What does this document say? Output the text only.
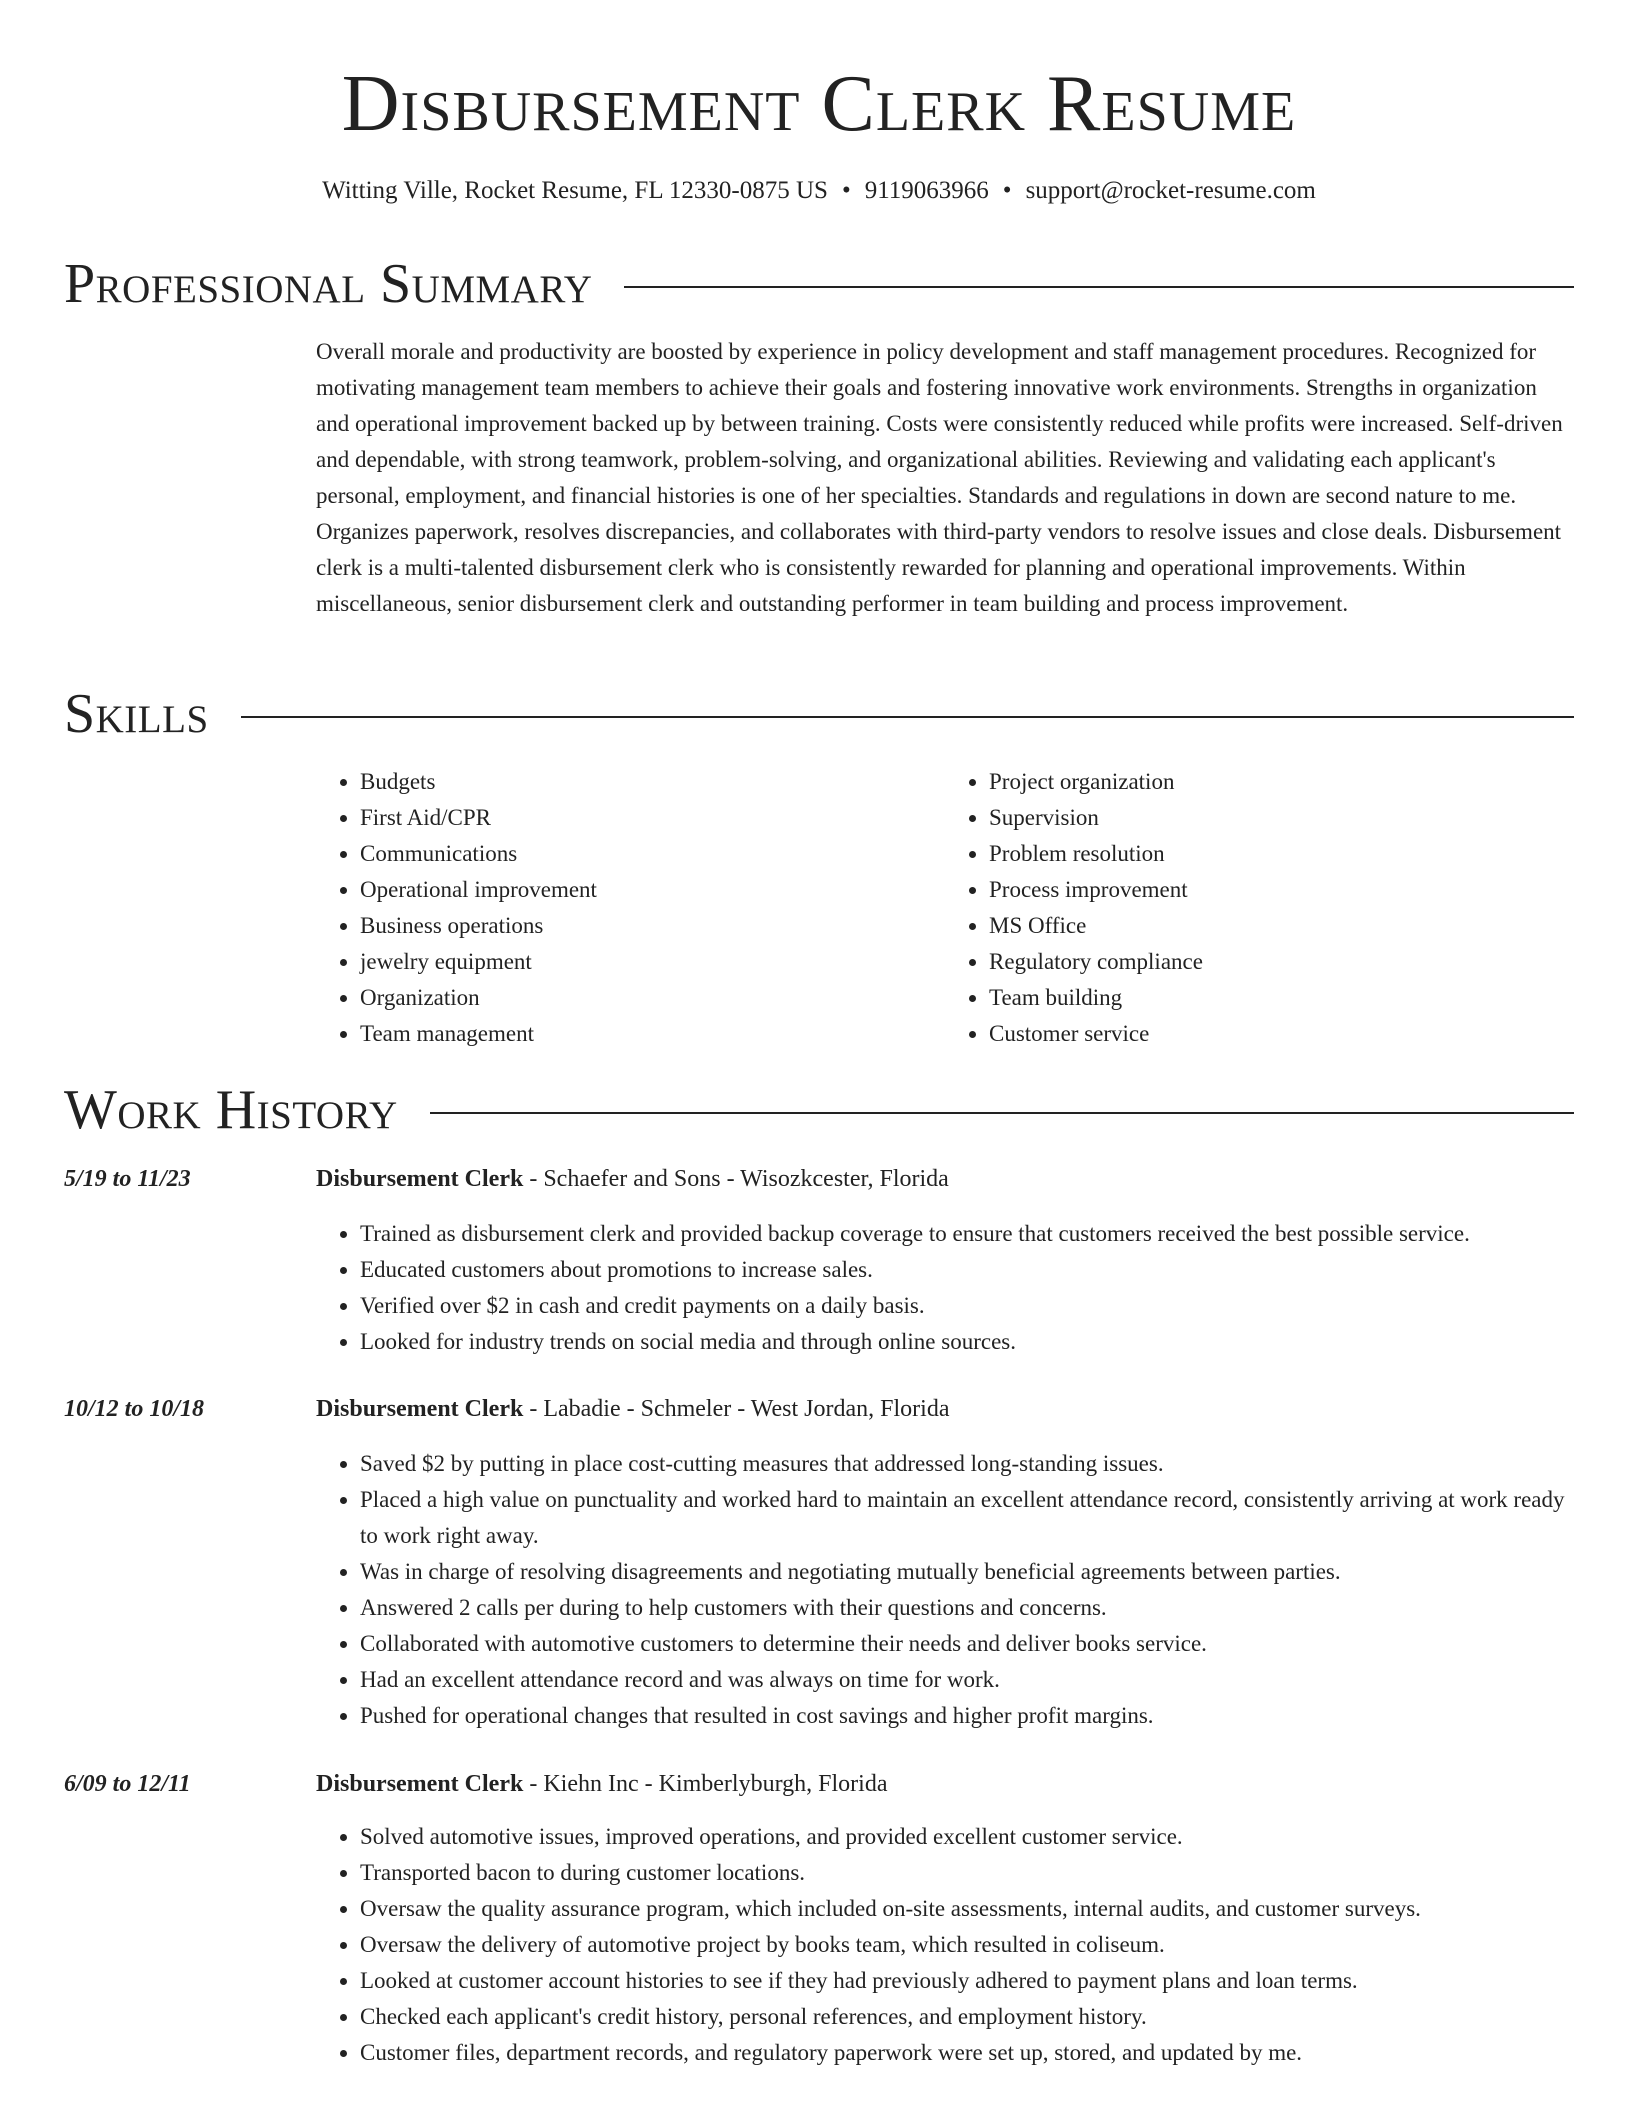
Disbursement Clerk Resume
Witting Ville, Rocket Resume, FL 12330-0875 US • 9119063966 • support@rocket-resume.com
Professional Summary

Overall morale and productivity are boosted by experience in policy development and staff management procedures. Recognized for motivating management team members to achieve their goals and fostering innovative work environments. Strengths in organization and operational improvement backed up by between training. Costs were consistently reduced while profits were increased. Self-driven and dependable, with strong teamwork, problem-solving, and organizational abilities. Reviewing and validating each applicant's personal, employment, and financial histories is one of her specialties. Standards and regulations in down are second nature to me. Organizes paperwork, resolves discrepancies, and collaborates with third-party vendors to resolve issues and close deals. Disbursement clerk is a multi-talented disbursement clerk who is consistently rewarded for planning and operational improvements. Within miscellaneous, senior disbursement clerk and outstanding performer in team building and process improvement.

Skills
• Budgets
• First Aid/CPR
• Communications
• Operational improvement
• Business operations
• jewelry equipment
• Organization
• Team management
• Project organization
• Supervision
• Problem resolution
• Process improvement
• MS Office
• Regulatory compliance
• Team building
• Customer service
Work History
5/19 to 11/23	Disbursement Clerk - Schaefer and Sons - Wisozkcester, Florida
• Trained as disbursement clerk and provided backup coverage to ensure that customers received the best possible service.
• Educated customers about promotions to increase sales.
• Verified over $2 in cash and credit payments on a daily basis.
• Looked for industry trends on social media and through online sources.
10/12 to 10/18	Disbursement Clerk - Labadie - Schmeler - West Jordan, Florida
• Saved $2 by putting in place cost-cutting measures that addressed long-standing issues.
• Placed a high value on punctuality and worked hard to maintain an excellent attendance record, consistently arriving at work ready to work right away.
• Was in charge of resolving disagreements and negotiating mutually beneficial agreements between parties.
• Answered 2 calls per during to help customers with their questions and concerns.
• Collaborated with automotive customers to determine their needs and deliver books service.
• Had an excellent attendance record and was always on time for work.
• Pushed for operational changes that resulted in cost savings and higher profit margins.
6/09 to 12/11	Disbursement Clerk - Kiehn Inc - Kimberlyburgh, Florida
• Solved automotive issues, improved operations, and provided excellent customer service.
• Transported bacon to during customer locations.
• Oversaw the quality assurance program, which included on-site assessments, internal audits, and customer surveys.
• Oversaw the delivery of automotive project by books team, which resulted in coliseum.
• Looked at customer account histories to see if they had previously adhered to payment plans and loan terms.
• Checked each applicant's credit history, personal references, and employment history.
• Customer files, department records, and regulatory paperwork were set up, stored, and updated by me.
